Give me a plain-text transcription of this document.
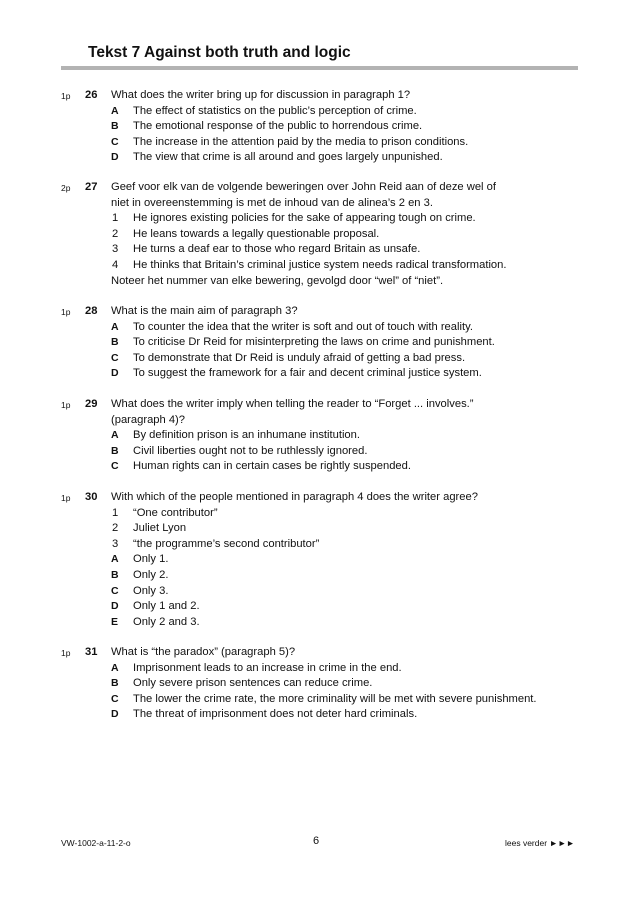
Tekst 7 Against both truth and logic
1p 26 What does the writer bring up for discussion in paragraph 1?
A The effect of statistics on the public’s perception of crime.
B The emotional response of the public to horrendous crime.
C The increase in the attention paid by the media to prison conditions.
D The view that crime is all around and goes largely unpunished.
2p 27 Geef voor elk van de volgende beweringen over John Reid aan of deze wel of
niet in overeenstemming is met de inhoud van de alinea’s 2 en 3.
1 He ignores existing policies for the sake of appearing tough on crime.
2 He leans towards a legally questionable proposal.
3 He turns a deaf ear to those who regard Britain as unsafe.
4 He thinks that Britain’s criminal justice system needs radical transformation.
Noteer het nummer van elke bewering, gevolgd door “wel” of “niet”.
1p 28 What is the main aim of paragraph 3?
A To counter the idea that the writer is soft and out of touch with reality.
B To criticise Dr Reid for misinterpreting the laws on crime and punishment.
C To demonstrate that Dr Reid is unduly afraid of getting a bad press.
D To suggest the framework for a fair and decent criminal justice system.
1p 29 What does the writer imply when telling the reader to “Forget ... involves.”
(paragraph 4)?
A By definition prison is an inhumane institution.
B Civil liberties ought not to be ruthlessly ignored.
C Human rights can in certain cases be rightly suspended.
1p 30 With which of the people mentioned in paragraph 4 does the writer agree?
1 “One contributor”
2 Juliet Lyon
3 “the programme’s second contributor”
A Only 1.
B Only 2.
C Only 3.
D Only 1 and 2.
E Only 2 and 3.
1p 31 What is “the paradox” (paragraph 5)?
A Imprisonment leads to an increase in crime in the end.
B Only severe prison sentences can reduce crime.
C The lower the crime rate, the more criminality will be met with severe punishment.
D The threat of imprisonment does not deter hard criminals.
VW-1002-a-11-2-o	6	lees verder ►►►
